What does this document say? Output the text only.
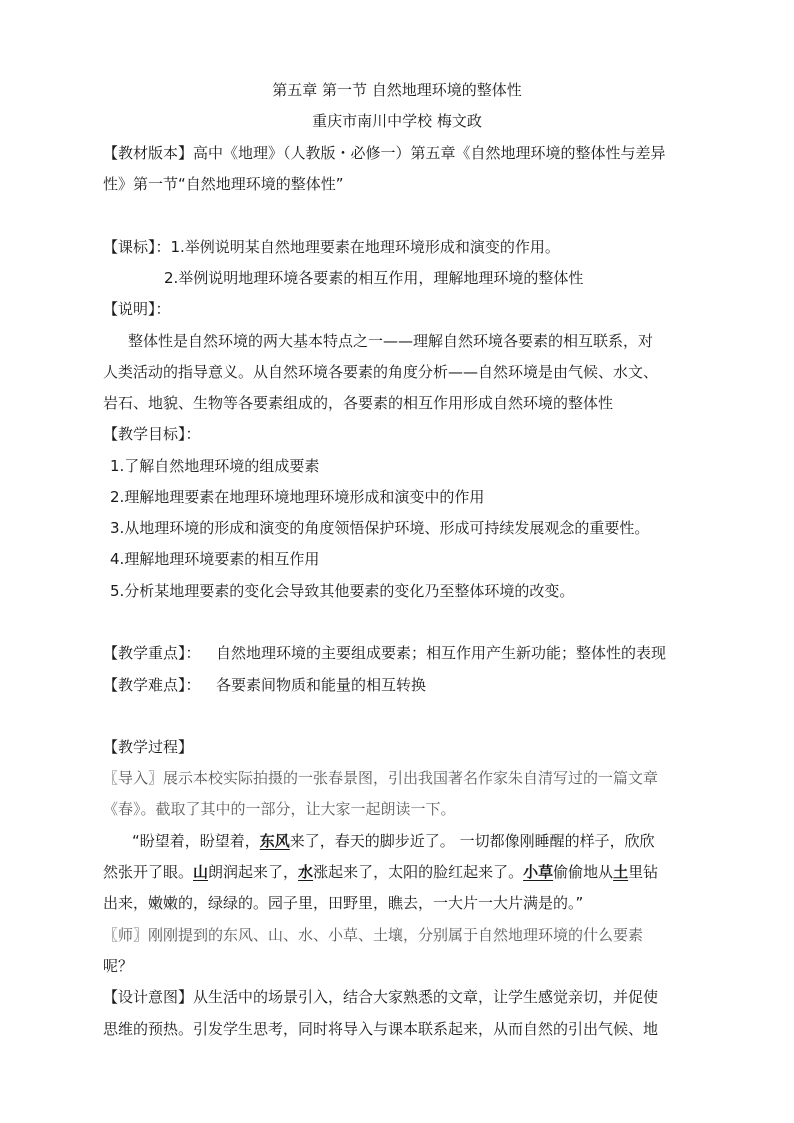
第五章 第一节 自然地理环境的整体性
重庆市南川中学校 梅文政
【教材版本】高中《地理》（人教版・必修一）第五章《自然地理环境的整体性与差异
性》第一节“自然地理环境的整体性”
【课标】：1.举例说明某自然地理要素在地理环境形成和演变的作用。
2.举例说明地理环境各要素的相互作用，理解地理环境的整体性
【说明】：
整体性是自然环境的两大基本特点之一——理解自然环境各要素的相互联系，对
人类活动的指导意义。从自然环境各要素的角度分析——自然环境是由气候、水文、
岩石、地貌、生物等各要素组成的，各要素的相互作用形成自然环境的整体性
【教学目标】：
1.了解自然地理环境的组成要素
2.理解地理要素在地理环境地理环境形成和演变中的作用
3.从地理环境的形成和演变的角度领悟保护环境、形成可持续发展观念的重要性。
4.理解地理环境要素的相互作用
5.分析某地理要素的变化会导致其他要素的变化乃至整体环境的改变。
【教学重点】： 自然地理环境的主要组成要素；相互作用产生新功能；整体性的表现
【教学难点】： 各要素间物质和能量的相互转换
【教学过程】
〖导入〗展示本校实际拍摄的一张春景图，引出我国著名作家朱自清写过的一篇文章
《春》。截取了其中的一部分，让大家一起朗读一下。
“盼望着，盼望着，东风来了，春天的脚步近了。 一切都像刚睡醒的样子，欣欣
然张开了眼。山朗润起来了，水涨起来了，太阳的脸红起来了。小草偷偷地从土里钻
出来，嫩嫩的，绿绿的。园子里，田野里，瞧去，一大片一大片满是的。”
〖师〗刚刚提到的东风、山、水、小草、土壤，分别属于自然地理环境的什么要素
呢？
【设计意图】从生活中的场景引入，结合大家熟悉的文章，让学生感觉亲切，并促使
思维的预热。引发学生思考，同时将导入与课本联系起来，从而自然的引出气候、地
